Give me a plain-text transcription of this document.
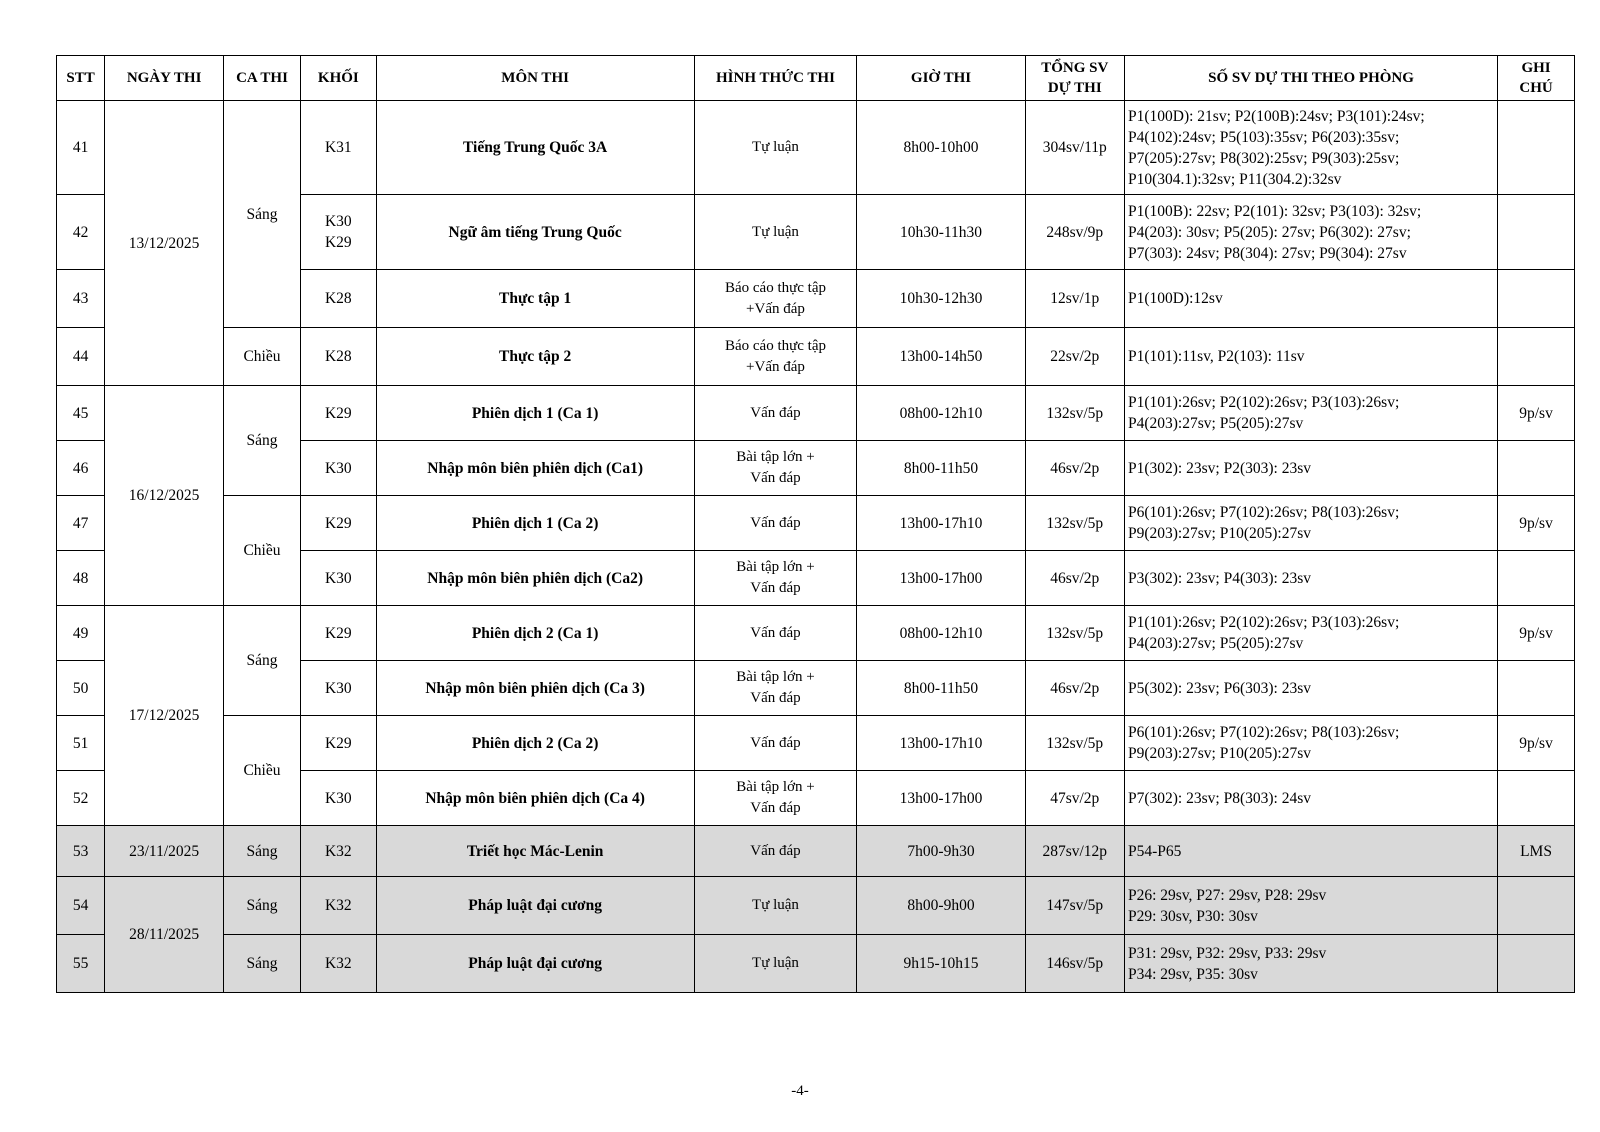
STT	NGÀY THI	CA THI	KHỐI	MÔN THI	HÌNH THỨC THI	GIỜ THI	TỔNG SV
DỰ THI	SỐ SV DỰ THI THEO PHÒNG	GHI
CHÚ
41	13/12/2025	Sáng	K31	Tiếng Trung Quốc 3A	Tự luận	8h00-10h00	304sv/11p	P1(100D): 21sv; P2(100B):24sv; P3(101):24sv;
P4(102):24sv; P5(103):35sv; P6(203):35sv;
P7(205):27sv; P8(302):25sv; P9(303):25sv;
P10(304.1):32sv; P11(304.2):32sv	
42			K30
K29	Ngữ âm tiếng Trung Quốc	Tự luận	10h30-11h30	248sv/9p	P1(100B): 22sv; P2(101): 32sv; P3(103): 32sv;
P4(203): 30sv; P5(205): 27sv; P6(302): 27sv;
P7(303): 24sv; P8(304): 27sv; P9(304): 27sv	
43			K28	Thực tập 1	Báo cáo thực tập
+Vấn đáp	10h30-12h30	12sv/1p	P1(100D):12sv	
44		Chiều	K28	Thực tập 2	Báo cáo thực tập
+Vấn đáp	13h00-14h50	22sv/2p	P1(101):11sv, P2(103): 11sv	
45	16/12/2025	Sáng	K29	Phiên dịch 1 (Ca 1)	Vấn đáp	08h00-12h10	132sv/5p	P1(101):26sv; P2(102):26sv; P3(103):26sv;
P4(203):27sv; P5(205):27sv	9p/sv
46			K30	Nhập môn biên phiên dịch (Ca1)	Bài tập lớn +
Vấn đáp	8h00-11h50	46sv/2p	P1(302): 23sv; P2(303): 23sv	
47		Chiều	K29	Phiên dịch 1 (Ca 2)	Vấn đáp	13h00-17h10	132sv/5p	P6(101):26sv; P7(102):26sv; P8(103):26sv;
P9(203):27sv; P10(205):27sv	9p/sv
48			K30	Nhập môn biên phiên dịch (Ca2)	Bài tập lớn +
Vấn đáp	13h00-17h00	46sv/2p	P3(302): 23sv; P4(303): 23sv	
49	17/12/2025	Sáng	K29	Phiên dịch 2 (Ca 1)	Vấn đáp	08h00-12h10	132sv/5p	P1(101):26sv; P2(102):26sv; P3(103):26sv;
P4(203):27sv; P5(205):27sv	9p/sv
50			K30	Nhập môn biên phiên dịch (Ca 3)	Bài tập lớn +
Vấn đáp	8h00-11h50	46sv/2p	P5(302): 23sv; P6(303): 23sv	
51		Chiều	K29	Phiên dịch 2 (Ca 2)	Vấn đáp	13h00-17h10	132sv/5p	P6(101):26sv; P7(102):26sv; P8(103):26sv;
P9(203):27sv; P10(205):27sv	9p/sv
52			K30	Nhập môn biên phiên dịch (Ca 4)	Bài tập lớn +
Vấn đáp	13h00-17h00	47sv/2p	P7(302): 23sv; P8(303): 24sv	
53	23/11/2025	Sáng	K32	Triết học Mác-Lenin	Vấn đáp	7h00-9h30	287sv/12p	P54-P65	LMS
54	28/11/2025	Sáng	K32	Pháp luật đại cương	Tự luận	8h00-9h00	147sv/5p	P26: 29sv, P27: 29sv, P28: 29sv
P29: 30sv, P30: 30sv	
55		Sáng	K32	Pháp luật đại cương	Tự luận	9h15-10h15	146sv/5p	P31: 29sv, P32: 29sv, P33: 29sv
P34: 29sv, P35: 30sv	
-4-
